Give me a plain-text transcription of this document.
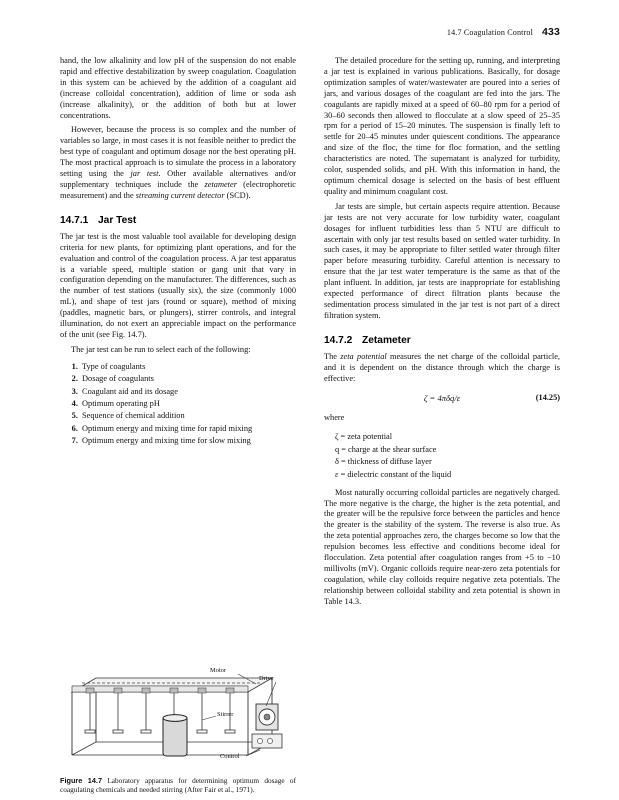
14.7 Coagulation Control 433

hand, the low alkalinity and low pH of the suspension do not enable rapid and effective destabilization by sweep coagulation. Coagulation in this system can be achieved by the addition of a coagulant aid (increase colloidal concentration), addition of lime or soda ash (increase alkalinity), or the addition of both but at lower concentrations.

However, because the process is so complex and the number of variables so large, in most cases it is not feasible neither to predict the best type of coagulant and optimum dosage nor the best operating pH. The most practical approach is to simulate the process in a laboratory setting using the jar test. Other available alternatives and/or supplementary techniques include the zetameter (electrophoretic measurement) and the streaming current detector (SCD).

14.7.1 Jar Test

The jar test is the most valuable tool available for developing design criteria for new plants, for optimizing plant operations, and for the evaluation and control of the coagulation process. A jar test apparatus is a variable speed, multiple station or gang unit that vary in configuration depending on the manufacturer. The differences, such as the number of test stations (usually six), the size (commonly 1000 mL), and shape of test jars (round or square), method of mixing (paddles, magnetic bars, or plungers), stirrer controls, and integral illumination, do not exert an appreciable impact on the performance of the unit (see Fig. 14.7).

The jar test can be run to select each of the following:

1. Type of coagulants
2. Dosage of coagulants
3. Coagulant aid and its dosage
4. Optimum operating pH
5. Sequence of chemical addition
6. Optimum energy and mixing time for rapid mixing
7. Optimum energy and mixing time for slow mixing
Motor
Drive
Stirrer
Control
Figure 14.7 Laboratory apparatus for determining optimum dosage of coagulating chemicals and needed stirring (After Fair et al., 1971).

The detailed procedure for the setting up, running, and interpreting a jar test is explained in various publications. Basically, for dosage optimization samples of water/wastewater are poured into a series of jars, and various dosages of the coagulant are fed into the jars. The coagulants are rapidly mixed at a speed of 60–80 rpm for a period of 30–60 seconds then allowed to flocculate at a slow speed of 25–35 rpm for a period of 15–20 minutes. The suspension is finally left to settle for 20–45 minutes under quiescent conditions. The appearance and size of the floc, the time for floc formation, and the settling characteristics are noted. The supernatant is analyzed for turbidity, color, suspended solids, and pH. With this information in hand, the optimum chemical dosage is selected on the basis of best effluent quality and minimum coagulant cost.

Jar tests are simple, but certain aspects require attention. Because jar tests are not very accurate for low turbidity water, coagulant dosages for influent turbidities less than 5 NTU are difficult to ascertain with only jar test results based on settled water turbidity. In such cases, it may be appropriate to filter settled water through filter paper before measuring turbidity. Careful attention is necessary to ensure that the jar test water temperature is the same as that of the plant influent. In addition, jar tests are inappropriate for establishing expected performance of direct filtration plants because the sedimentation process simulated in the jar test is not part of a direct filtration system.

14.7.2 Zetameter

The zeta potential measures the net charge of the colloidal particle, and it is dependent on the distance through which the charge is effective:

ζ = 4πδq/ε	(14.25)

where

ζ = zeta potential
q = charge at the shear surface
δ = thickness of diffuse layer
ε = dielectric constant of the liquid

Most naturally occurring colloidal particles are negatively charged. The more negative is the charge, the higher is the zeta potential, and the greater will be the repulsive force between the particles and hence the greater is the stability of the system. The reverse is also true. As the zeta potential approaches zero, the charges become so low that the repulsion becomes less effective and conditions become ideal for flocculation. Zeta potential after coagulation ranges from +5 to −10 millivolts (mV). Organic colloids require near-zero zeta potentials for coagulation, while clay colloids require negative zeta potentials. The relationship between colloidal stability and zeta potential is shown in Table 14.3.
